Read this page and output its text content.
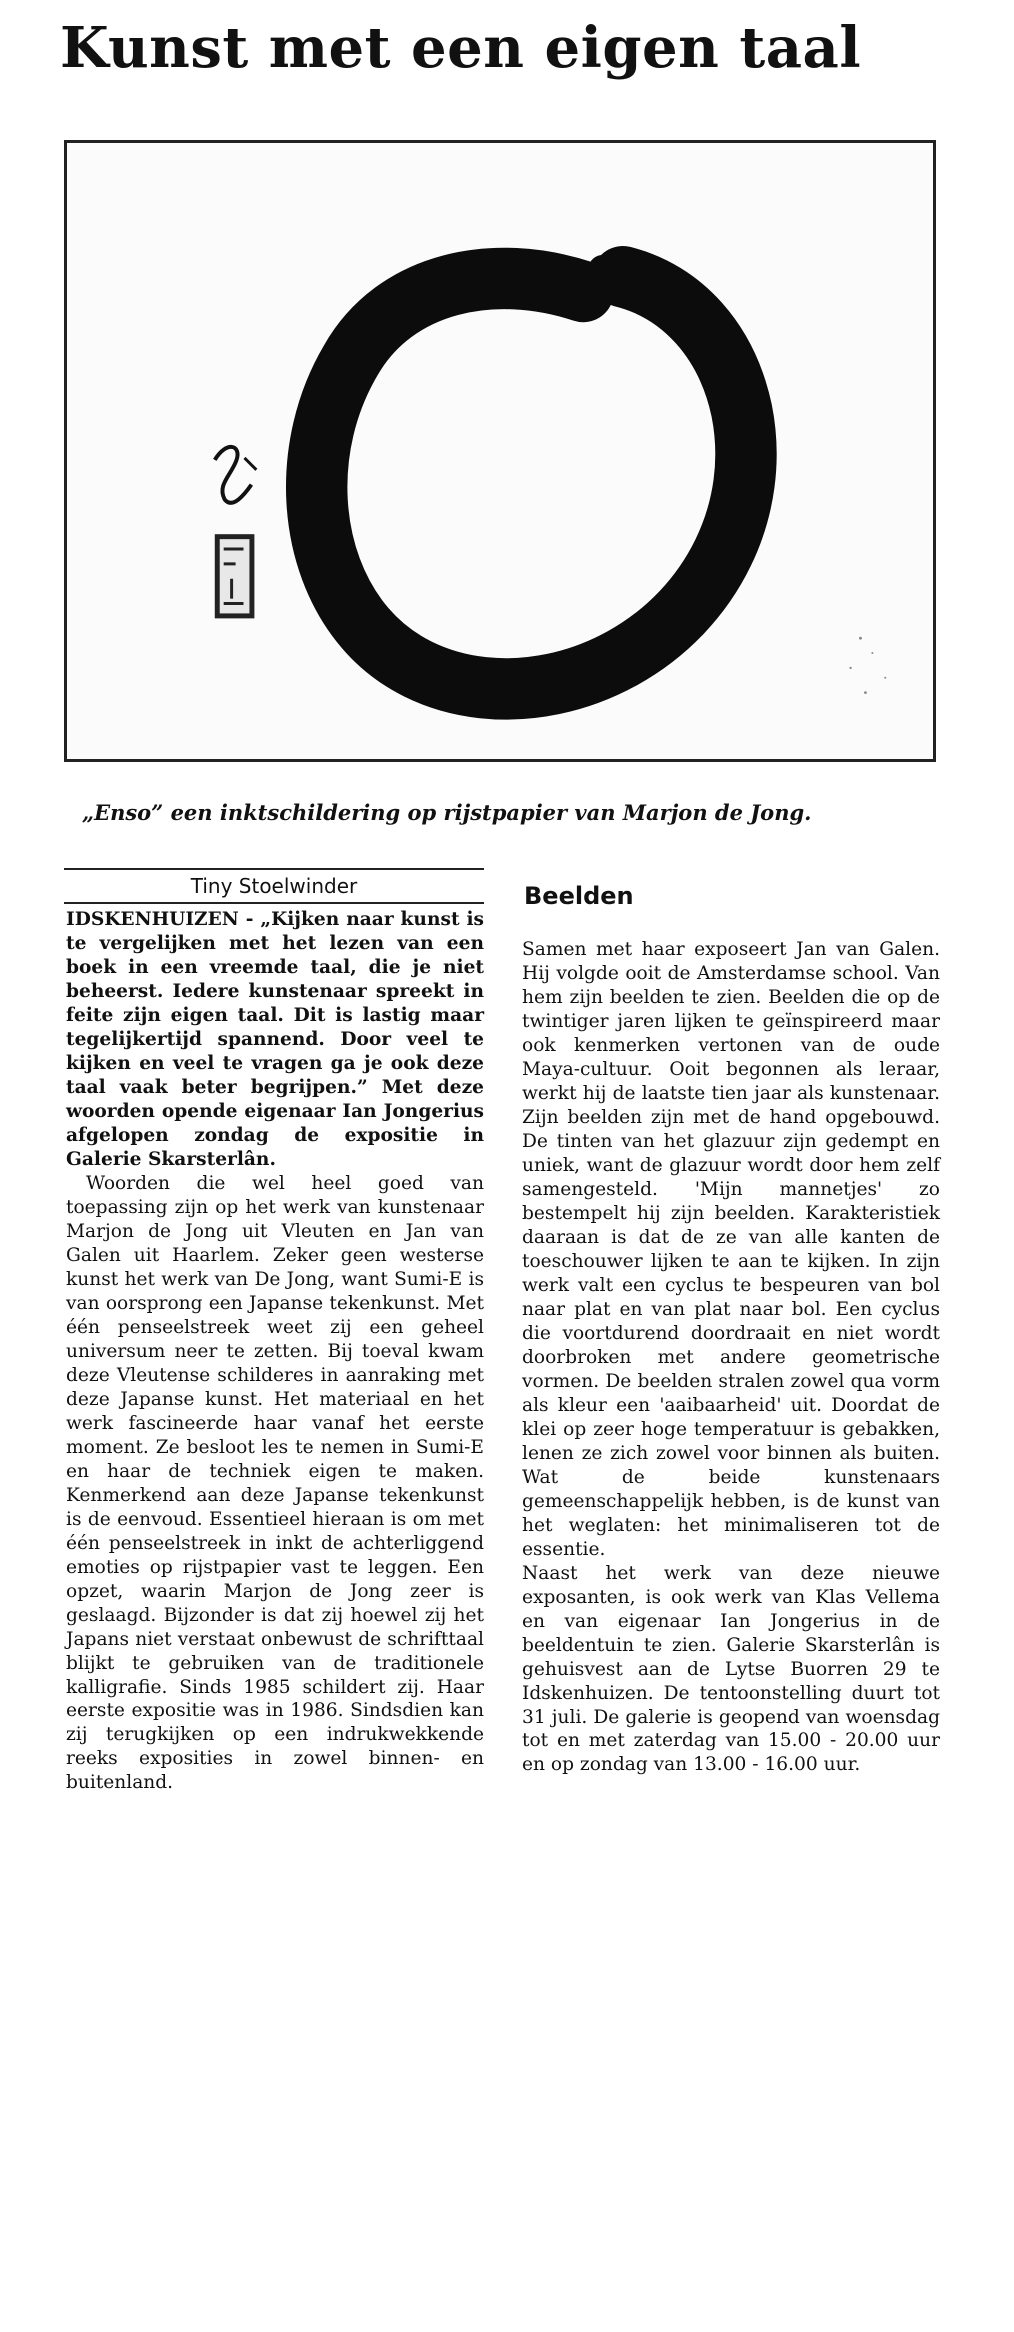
Kunst met een eigen taal

„Enso” een inktschildering op rijstpapier van Marjon de Jong.

Tiny Stoelwinder

IDSKENHUIZEN - „Kijken naar kunst is te vergelijken met het lezen van een boek in een vreemde taal, die je niet beheerst. Iedere kunstenaar spreekt in feite zijn eigen taal. Dit is lastig maar tegelijkertijd spannend. Door veel te kijken en veel te vragen ga je ook deze taal vaak beter begrijpen.” Met deze woorden opende eigenaar Ian Jongerius afgelopen zondag de expositie in Galerie Skarsterlân.

Woorden die wel heel goed van toepassing zijn op het werk van kunstenaar Marjon de Jong uit Vleuten en Jan van Galen uit Haarlem. Zeker geen westerse kunst het werk van De Jong, want Sumi-E is van oorsprong een Japanse tekenkunst. Met één penseelstreek weet zij een geheel universum neer te zetten. Bij toeval kwam deze Vleutense schilderes in aanraking met deze Japanse kunst. Het materiaal en het werk fascineerde haar vanaf het eerste moment. Ze besloot les te nemen in Sumi-E en haar de techniek eigen te maken. Kenmerkend aan deze Japanse tekenkunst is de eenvoud. Essentieel hieraan is om met één penseelstreek in inkt de achterliggend emoties op rijstpapier vast te leggen. Een opzet, waarin Marjon de Jong zeer is geslaagd. Bijzonder is dat zij hoewel zij het Japans niet verstaat onbewust de schrifttaal blijkt te gebruiken van de traditionele kalligrafie. Sinds 1985 schildert zij. Haar eerste expositie was in 1986. Sindsdien kan zij terugkijken op een indrukwekkende reeks exposities in zowel binnen- en buitenland.

Beelden

Samen met haar exposeert Jan van Galen. Hij volgde ooit de Amsterdamse school. Van hem zijn beelden te zien. Beelden die op de twintiger jaren lijken te geïnspireerd maar ook kenmerken vertonen van de oude Maya-cultuur. Ooit begonnen als leraar, werkt hij de laatste tien jaar als kunstenaar. Zijn beelden zijn met de hand opgebouwd. De tinten van het glazuur zijn gedempt en uniek, want de glazuur wordt door hem zelf samengesteld. 'Mijn mannetjes' zo bestempelt hij zijn beelden. Karakteristiek daaraan is dat de ze van alle kanten de toeschouwer lijken te aan te kijken. In zijn werk valt een cyclus te bespeuren van bol naar plat en van plat naar bol. Een cyclus die voortdurend doordraait en niet wordt doorbroken met andere geometrische vormen. De beelden stralen zowel qua vorm als kleur een 'aaibaarheid' uit. Doordat de klei op zeer hoge temperatuur is gebakken, lenen ze zich zowel voor binnen als buiten. Wat de beide kunstenaars gemeenschappelijk hebben, is de kunst van het weglaten: het minimaliseren tot de essentie.

Naast het werk van deze nieuwe exposanten, is ook werk van Klas Vellema en van eigenaar Ian Jongerius in de beeldentuin te zien. Galerie Skarsterlân is gehuisvest aan de Lytse Buorren 29 te Idskenhuizen. De tentoonstelling duurt tot 31 juli. De galerie is geopend van woensdag tot en met zaterdag van 15.00 - 20.00 uur en op zondag van 13.00 - 16.00 uur.
